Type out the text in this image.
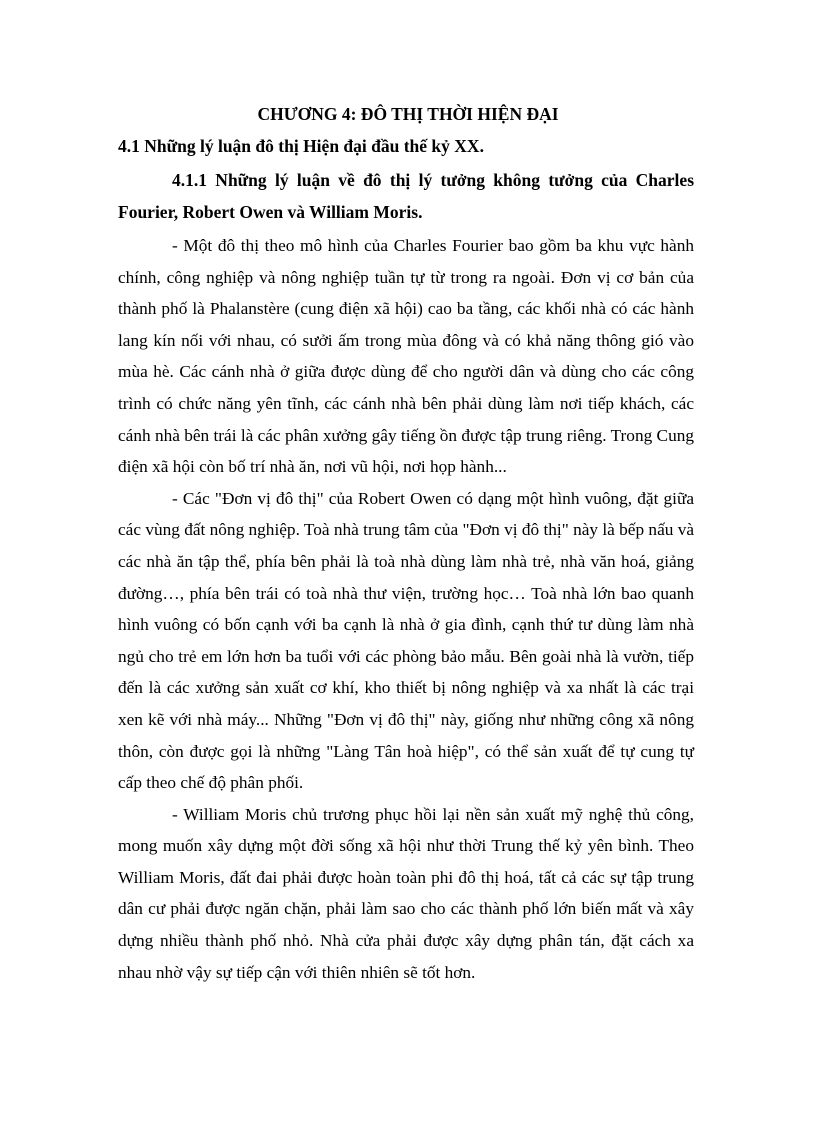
CHƯƠNG 4: ĐÔ THỊ THỜI HIỆN ĐẠI
4.1 Những lý luận đô thị Hiện đại đầu thế kỷ XX.
4.1.1 Những lý luận về đô thị lý tưởng không tưởng của Charles Fourier, Robert Owen và William Moris.

- Một đô thị theo mô hình của Charles Fourier bao gồm ba khu vực hành chính, công nghiệp và nông nghiệp tuần tự từ trong ra ngoài. Đơn vị cơ bản của thành phố là Phalanstère (cung điện xã hội) cao ba tầng, các khối nhà có các hành lang kín nối với nhau, có sưởi ấm trong mùa đông và có khả năng thông gió vào mùa hè. Các cánh nhà ở giữa được dùng để cho người dân và dùng cho các công trình có chức năng yên tĩnh, các cánh nhà bên phải dùng làm nơi tiếp khách, các cánh nhà bên trái là các phân xưởng gây tiếng ồn được tập trung riêng. Trong Cung điện xã hội còn bố trí nhà ăn, nơi vũ hội, nơi họp hành...

- Các "Đơn vị đô thị" của Robert Owen có dạng một hình vuông, đặt giữa các vùng đất nông nghiệp. Toà nhà trung tâm của "Đơn vị đô thị" này là bếp nấu và các nhà ăn tập thể, phía bên phải là toà nhà dùng làm nhà trẻ, nhà văn hoá, giảng đường…, phía bên trái có toà nhà thư viện, trường học… Toà nhà lớn bao quanh hình vuông có bốn cạnh với ba cạnh là nhà ở gia đình, cạnh thứ tư dùng làm nhà ngủ cho trẻ em lớn hơn ba tuổi với các phòng bảo mẫu. Bên goài nhà là vườn, tiếp đến là các xưởng sản xuất cơ khí, kho thiết bị nông nghiệp và xa nhất là các trại xen kẽ với nhà máy... Những "Đơn vị đô thị" này, giống như những công xã nông thôn, còn được gọi là những "Làng Tân hoà hiệp", có thể sản xuất để tự cung tự cấp theo chế độ phân phối.

- William Moris chủ trương phục hồi lại nền sản xuất mỹ nghệ thủ công, mong muốn xây dựng một đời sống xã hội như thời Trung thế kỷ yên bình. Theo William Moris, đất đai phải được hoàn toàn phi đô thị hoá, tất cả các sự tập trung dân cư phải được ngăn chặn, phải làm sao cho các thành phố lớn biến mất và xây dựng nhiều thành phố nhỏ. Nhà cửa phải được xây dựng phân tán, đặt cách xa nhau nhờ vậy sự tiếp cận với thiên nhiên sẽ tốt hơn.
